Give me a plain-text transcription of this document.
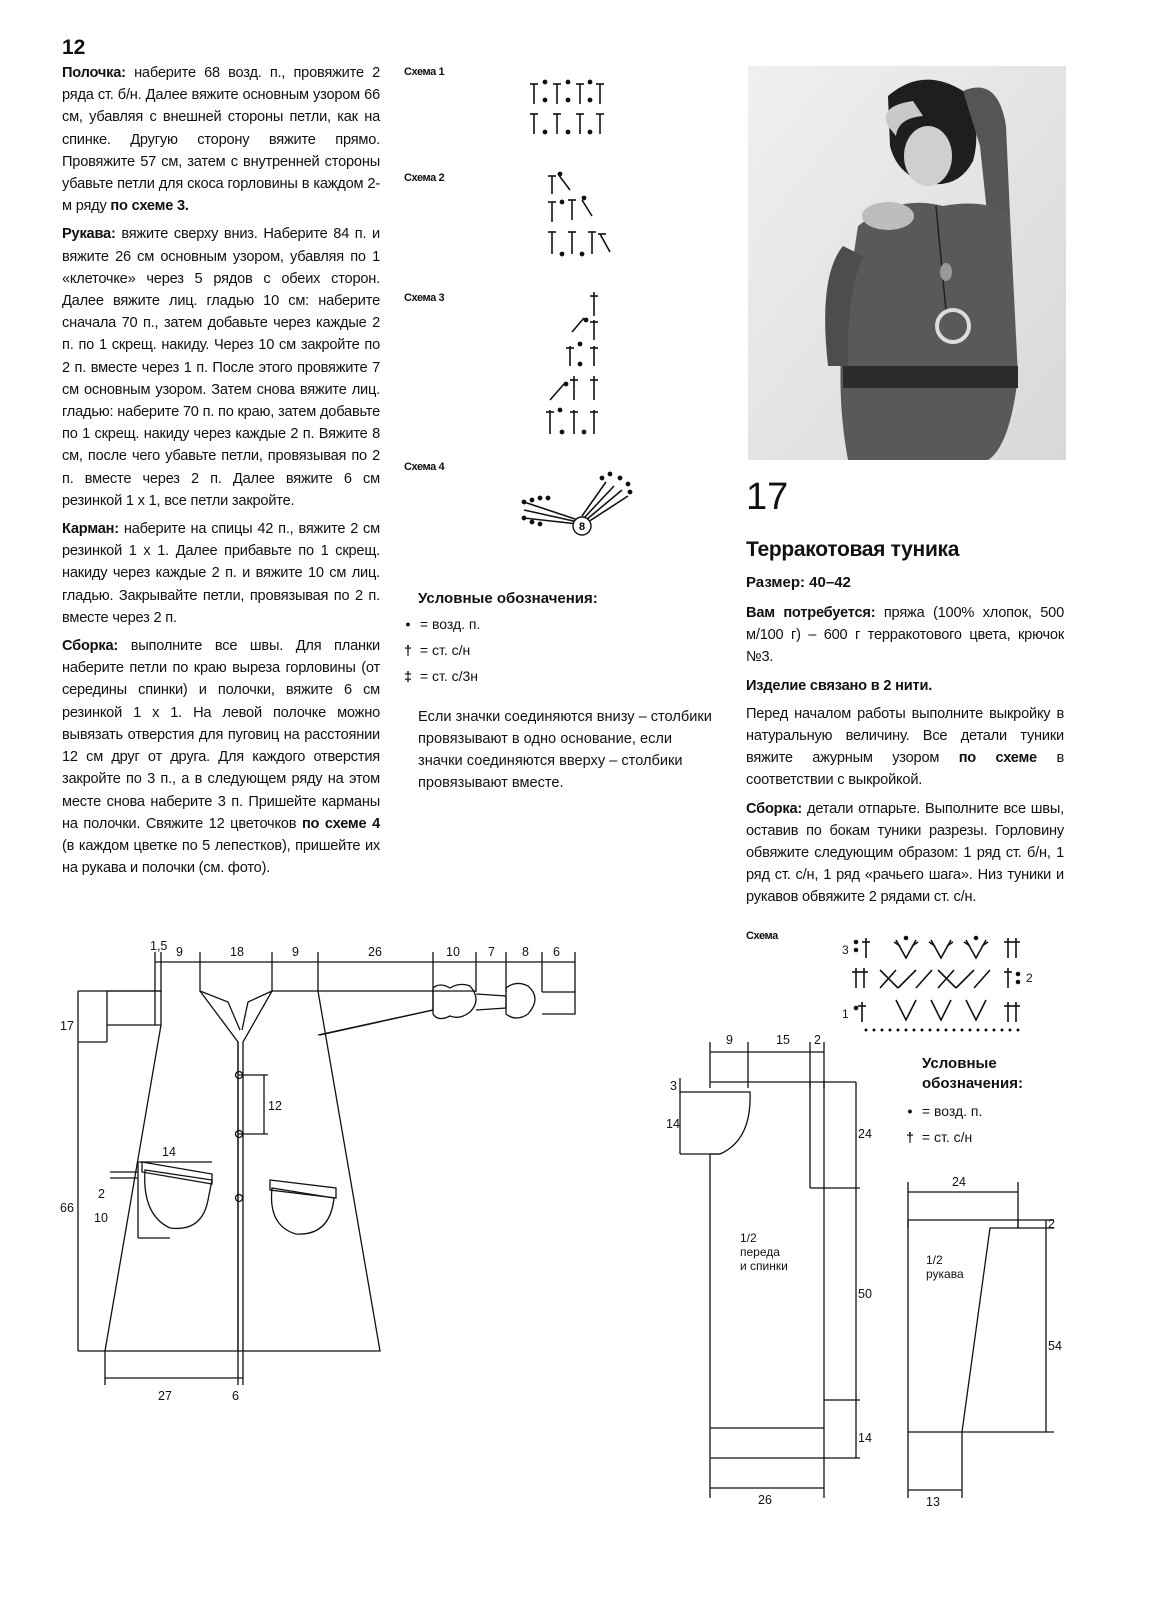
12

Полочка: наберите 68 возд. п., провяжите 2 ряда ст. б/н. Далее вяжите основным узором 66 см, убавляя с внешней стороны петли, как на спинке. Другую сторону вяжите прямо. Провяжите 57 см, затем с внутренней стороны убавьте петли для скоса горловины в каждом 2-м ряду по схеме 3.

Рукава: вяжите сверху вниз. Наберите 84 п. и вяжите 26 см основным узором, убавляя по 1 «клеточке» через 5 рядов с обеих сторон. Далее вяжите лиц. гладью 10 см: наберите сначала 70 п., затем добавьте через каждые 2 п. по 1 скрещ. накиду. Через 10 см закройте по 2 п. вместе через 1 п. После этого провяжите 7 см основным узором. Затем снова вяжите лиц. гладью: наберите 70 п. по краю, затем добавьте по 1 скрещ. накиду через каждые 2 п. Вяжите 8 см, после чего убавьте петли, провязывая по 2 п. вместе через 2 п. Далее вяжите 6 см резинкой 1 х 1, все петли закройте.

Карман: наберите на спицы 42 п., вяжите 2 см резинкой 1 х 1. Далее прибавьте по 1 скрещ. накиду через каждые 2 п. и вяжите 10 см лиц. гладью. Закрывайте петли, провязывая по 2 п. вместе через 2 п.

Сборка: выполните все швы. Для планки наберите петли по краю выреза горловины (от середины спинки) и полочки, вяжите 6 см резинкой 1 х 1. На левой полочке можно вывязать отверстия для пуговиц на расстоянии 12 см друг от друга. Для каждого отверстия закройте по 3 п., а в следующем ряду на этом месте снова наберите 3 п. Пришейте карманы на полочки. Свяжите 12 цветочков по схеме 4 (в каждом цветке по 5 лепестков), пришейте их на рукава и полочки (см. фото).

Схема 1
Схема 2
Схема 3
Схема 4
8
Условные обозначения:
•
= возд. п.
†
= ст. с/н
‡
= ст. с/3н
Если значки соединяются внизу – столбики провязывают в одно основание, если значки соединяются вверху – столбики провязывают вместе.
17
Терракотовая туника
Размер: 40–42

Вам потребуется: пряжа (100% хлопок, 500 м/100 г) – 600 г терракотового цвета, крючок №3.

Изделие связано в 2 нити.

Перед началом работы выполните выкройку в натуральную величину. Все детали туники вяжите ажурным узором по схеме в соответствии с выкройкой.

Сборка: детали отпарьте. Выполните все швы, оставив по бокам туники разрезы. Горловину обвяжите следующим образом: 1 ряд ст. б/н, 1 ряд ст. с/н, 1 ряд «рачьего шага». Низ туники и рукавов обвяжите 2 рядами ст. с/н.

Схема
3
2
1
Условные
обозначения:
•
= возд. п.
†
= ст. с/н
1,5 9	18	9	26	10 7 8 6
17
66
12
14
2
10
27	6
9	15 2
3
14
24
50
14
26
24
2
54
13
1/2
переда
и спинки	1/2
рукава
